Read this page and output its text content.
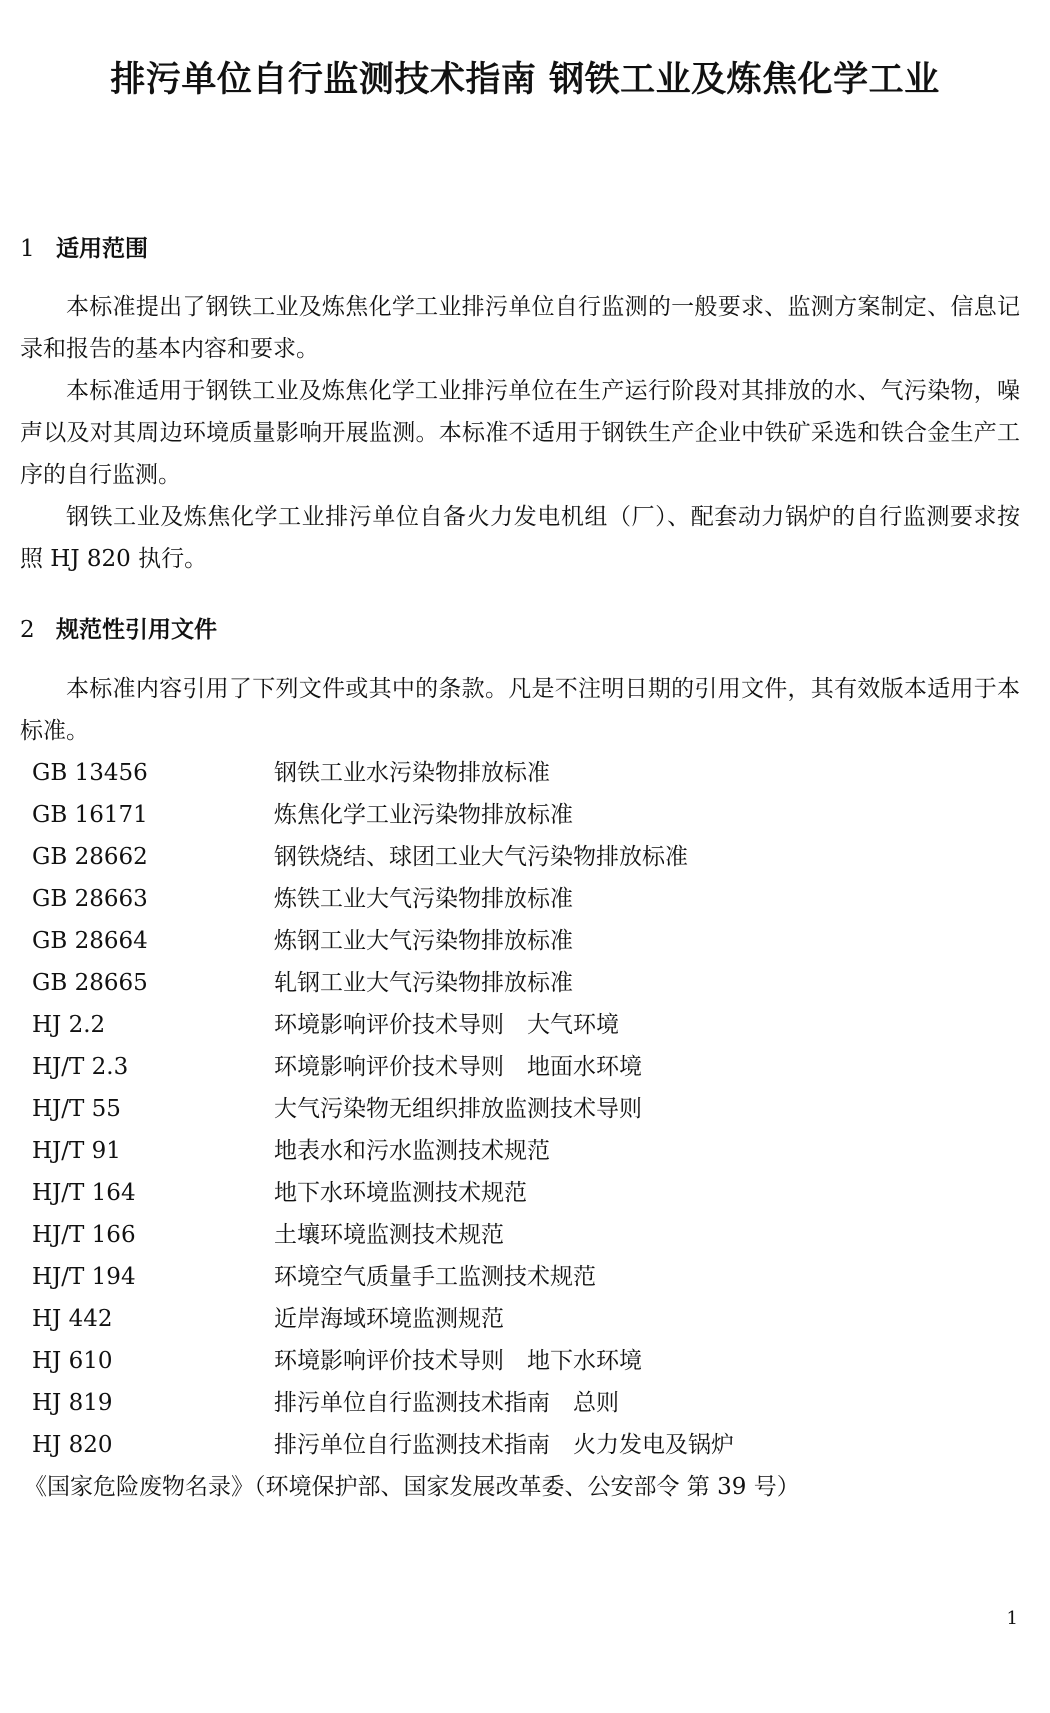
排污单位自行监测技术指南 钢铁工业及炼焦化学工业
1 适用范围

本标准提出了钢铁工业及炼焦化学工业排污单位自行监测的一般要求、监测方案制定、信息记录和报告的基本内容和要求。

本标准适用于钢铁工业及炼焦化学工业排污单位在生产运行阶段对其排放的水、气污染物，噪声以及对其周边环境质量影响开展监测。本标准不适用于钢铁生产企业中铁矿采选和铁合金生产工序的自行监测。

钢铁工业及炼焦化学工业排污单位自备火力发电机组（厂）、配套动力锅炉的自行监测要求按照 HJ 820 执行。

2 规范性引用文件

本标准内容引用了下列文件或其中的条款。凡是不注明日期的引用文件，其有效版本适用于本标准。

GB 13456	钢铁工业水污染物排放标准
GB 16171	炼焦化学工业污染物排放标准
GB 28662	钢铁烧结、球团工业大气污染物排放标准
GB 28663	炼铁工业大气污染物排放标准
GB 28664	炼钢工业大气污染物排放标准
GB 28665	轧钢工业大气污染物排放标准
HJ 2.2	环境影响评价技术导则　大气环境
HJ/T 2.3	环境影响评价技术导则　地面水环境
HJ/T 55	大气污染物无组织排放监测技术导则
HJ/T 91	地表水和污水监测技术规范
HJ/T 164	地下水环境监测技术规范
HJ/T 166	土壤环境监测技术规范
HJ/T 194	环境空气质量手工监测技术规范
HJ 442	近岸海域环境监测规范
HJ 610	环境影响评价技术导则　地下水环境
HJ 819	排污单位自行监测技术指南　总则
HJ 820	排污单位自行监测技术指南　火力发电及锅炉

《国家危险废物名录》（环境保护部、国家发展改革委、公安部令 第 39 号）

1
